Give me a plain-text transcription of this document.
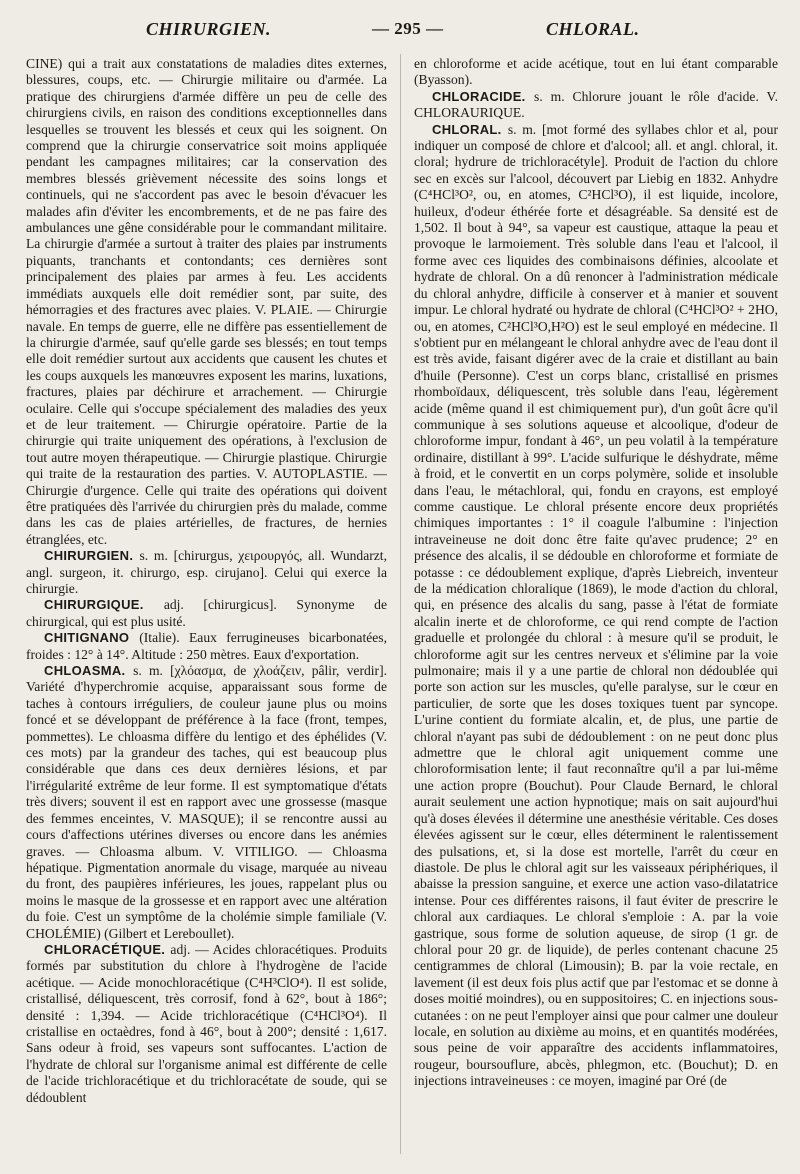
CHIRURGIEN.	— 295 —	CHLORAL.

CINE) qui a trait aux constatations de maladies dites externes, blessures, coups, etc. — Chirurgie militaire ou d'armée. La pratique des chirurgiens d'armée diffère un peu de celle des chirurgiens civils, en raison des conditions exceptionnelles dans lesquelles se trouvent les blessés et ceux qui les soignent. On comprend que la chirurgie conservatrice soit moins appliquée pendant les campagnes militaires; car la conservation des membres blessés grièvement nécessite des soins longs et continuels, qui ne s'accordent pas avec le besoin d'évacuer les malades afin d'éviter les encombrements, et de ne pas faire des ambulances une gêne considérable pour le commandant militaire. La chirurgie d'armée a surtout à traiter des plaies par instruments piquants, tranchants et contondants; ces dernières sont principalement des plaies par armes à feu. Les accidents immédiats auxquels elle doit remédier sont, par suite, des hémorragies et des fractures avec plaies. V. PLAIE. — Chirurgie navale. En temps de guerre, elle ne diffère pas essentiellement de la chirurgie d'armée, sauf qu'elle garde ses blessés; en tout temps elle doit remédier surtout aux accidents que causent les chutes et les coups auxquels les manœuvres exposent les marins, luxations, fractures, plaies par déchirure et arrachement. — Chirurgie oculaire. Celle qui s'occupe spécialement des maladies des yeux et de leur traitement. — Chirurgie opératoire. Partie de la chirurgie qui traite uniquement des opérations, à l'exclusion de tout autre moyen thérapeutique. — Chirurgie plastique. Chirurgie qui traite de la restauration des parties. V. AUTOPLASTIE. — Chirurgie d'urgence. Celle qui traite des opérations qui doivent être pratiquées dès l'arrivée du chirurgien près du malade, comme dans les cas de plaies artérielles, de fractures, de hernies étranglées, etc.

CHIRURGIEN. s. m. [chirurgus, χειρουργός, all. Wundarzt, angl. surgeon, it. chirurgo, esp. cirujano]. Celui qui exerce la chirurgie.

CHIRURGIQUE. adj. [chirurgicus]. Synonyme de chirurgical, qui est plus usité.

CHITIGNANO (Italie). Eaux ferrugineuses bicarbonatées, froides : 12° à 14°. Altitude : 250 mètres. Eaux d'exportation.

CHLOASMA. s. m. [χλόασμα, de χλοάζειν, pâlir, verdir]. Variété d'hyperchromie acquise, apparaissant sous forme de taches à contours irréguliers, de couleur jaune plus ou moins foncé et se développant de préférence à la face (front, tempes, pommettes). Le chloasma diffère du lentigo et des éphélides (V. ces mots) par la grandeur des taches, qui est beaucoup plus considérable que dans ces deux dernières lésions, et par l'irrégularité extrême de leur forme. Il est symptomatique d'états très divers; souvent il est en rapport avec une grossesse (masque des femmes enceintes, V. MASQUE); il se rencontre aussi au cours d'affections utérines diverses ou encore dans les anémies graves. — Chloasma album. V. VITILIGO. — Chloasma hépatique. Pigmentation anormale du visage, marquée au niveau du front, des paupières inférieures, les joues, rappelant plus ou moins le masque de la grossesse et en rapport avec une altération du foie. C'est un symptôme de la cholémie simple familiale (V. CHOLÉMIE) (Gilbert et Lereboullet).

CHLORACÉTIQUE. adj. — Acides chloracétiques. Produits formés par substitution du chlore à l'hydrogène de l'acide acétique. — Acide monochloracétique (C⁴H³ClO⁴). Il est solide, cristallisé, déliquescent, très corrosif, fond à 62°, bout à 186°; densité : 1,394. — Acide trichloracétique (C⁴HCl³O⁴). Il cristallise en octaèdres, fond à 46°, bout à 200°; densité : 1,617. Sans odeur à froid, ses vapeurs sont suffocantes. L'action de l'hydrate de chloral sur l'organisme animal est différente de celle de l'acide trichloracétique et du trichloracétate de soude, qui se dédoublent

en chloroforme et acide acétique, tout en lui étant comparable (Byasson).

CHLORACIDE. s. m. Chlorure jouant le rôle d'acide. V. CHLORAURIQUE.

CHLORAL. s. m. [mot formé des syllabes chlor et al, pour indiquer un composé de chlore et d'alcool; all. et angl. chloral, it. cloral; hydrure de trichloracétyle]. Produit de l'action du chlore sec en excès sur l'alcool, découvert par Liebig en 1832. Anhydre (C⁴HCl³O², ou, en atomes, C²HCl³O), il est liquide, incolore, huileux, d'odeur éthérée forte et désagréable. Sa densité est de 1,502. Il bout à 94°, sa vapeur est caustique, attaque la peau et provoque le larmoiement. Très soluble dans l'eau et l'alcool, il forme avec ces liquides des combinaisons définies, alcoolate et hydrate de chloral. On a dû renoncer à l'administration médicale du chloral anhydre, difficile à conserver et à manier et souvent impur. Le chloral hydraté ou hydrate de chloral (C⁴HCl³O² + 2HO, ou, en atomes, C²HCl³O,H²O) est le seul employé en médecine. Il s'obtient pur en mélangeant le chloral anhydre avec de l'eau dont il est très avide, faisant digérer avec de la craie et distillant au bain d'huile (Personne). C'est un corps blanc, cristallisé en prismes rhomboïdaux, déliquescent, très soluble dans l'eau, légèrement acide (même quand il est chimiquement pur), d'un goût âcre qu'il communique à ses solutions aqueuse et alcoolique, d'odeur de chloroforme impur, fondant à 46°, un peu volatil à la température ordinaire, distillant à 99°. L'acide sulfurique le déshydrate, même à froid, et le convertit en un corps polymère, solide et insoluble dans l'eau, le métachloral, qui, fondu en crayons, est employé comme caustique. Le chloral présente encore deux propriétés chimiques importantes : 1° il coagule l'albumine : l'injection intraveineuse ne doit donc être faite qu'avec prudence; 2° en présence des alcalis, il se dédouble en chloroforme et formiate de potasse : ce dédoublement explique, d'après Liebreich, inventeur de la médication chloralique (1869), le mode d'action du chloral, qui, en présence des alcalis du sang, passe à l'état de formiate alcalin inerte et de chloroforme, ce qui rend compte de l'action graduelle et prolongée du chloral : à mesure qu'il se produit, le chloroforme agit sur les centres nerveux et s'élimine par la voie pulmonaire; mais il y a une partie de chloral non dédoublée qui porte son action sur les muscles, qu'elle paralyse, sur le cœur en particulier, de sorte que les doses toxiques tuent par syncope. L'urine contient du formiate alcalin, et, de plus, une partie de chloral n'ayant pas subi de dédoublement : on ne peut donc plus admettre que le chloral agit uniquement comme une chloroformisation lente; il faut reconnaître qu'il a par lui-même une action propre (Bouchut). Pour Claude Bernard, le chloral aurait seulement une action hypnotique; mais on sait aujourd'hui qu'à doses élevées il détermine une anesthésie véritable. Ces doses élevées agissent sur le cœur, elles déterminent le ralentissement des pulsations, et, si la dose est mortelle, l'arrêt du cœur en diastole. De plus le chloral agit sur les vaisseaux périphériques, il abaisse la pression sanguine, et exerce une action vaso-dilatatrice intense. Pour ces différentes raisons, il faut éviter de prescrire le chloral aux cardiaques. Le chloral s'emploie : A. par la voie gastrique, sous forme de solution aqueuse, de sirop (1 gr. de chloral pour 20 gr. de liquide), de perles contenant chacune 25 centigrammes de chloral (Limousin); B. par la voie rectale, en lavement (il est deux fois plus actif que par l'estomac et se donne à doses moitié moindres), ou en suppositoires; C. en injections sous-cutanées : on ne peut l'employer ainsi que pour calmer une douleur locale, en solution au dixième au moins, et en quantités modérées, sous peine de voir apparaître des accidents inflammatoires, rougeur, boursouflure, abcès, phlegmon, etc. (Bouchut); D. en injections intraveineuses : ce moyen, imaginé par Oré (de
